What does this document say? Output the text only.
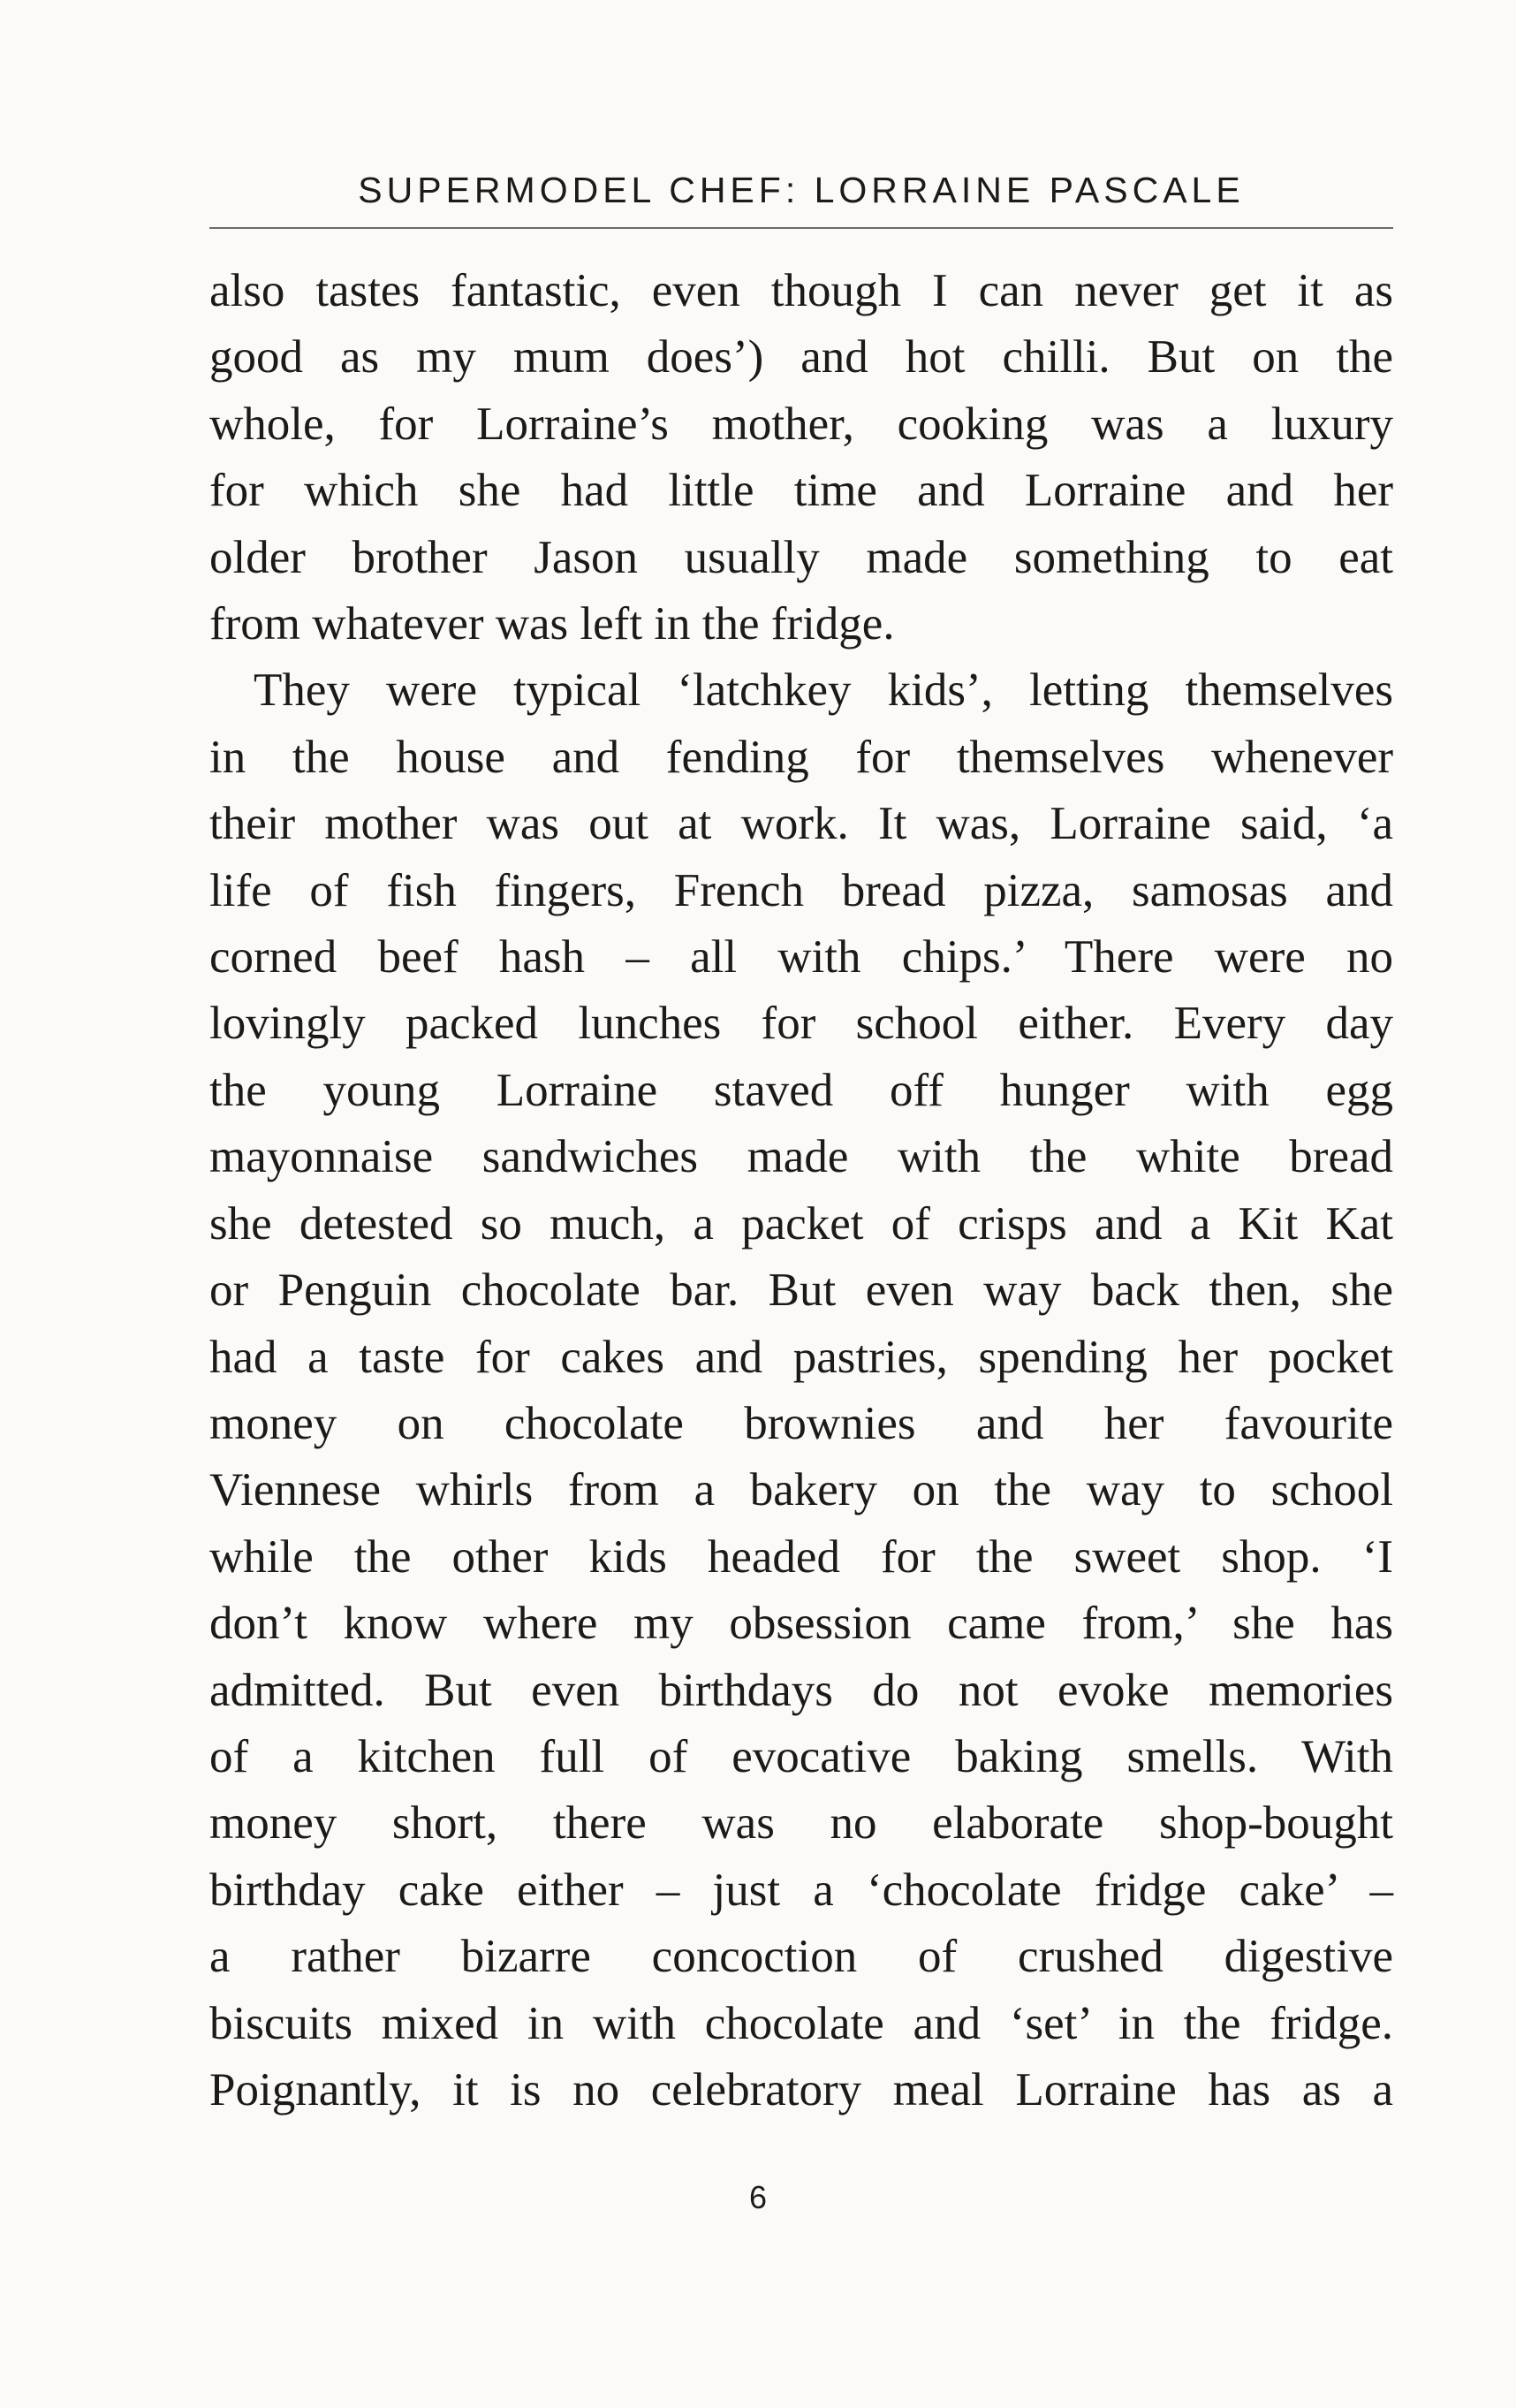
SUPERMODEL CHEF: LORRAINE PASCALE
also tastes fantastic, even though I can never get it as
good as my mum does’) and hot chilli. But on the
whole, for Lorraine’s mother, cooking was a luxury
for which she had little time and Lorraine and her
older brother Jason usually made something to eat
from whatever was left in the fridge.
They were typical ‘latchkey kids’, letting themselves
in the house and fending for themselves whenever
their mother was out at work. It was, Lorraine said, ‘a
life of fish fingers, French bread pizza, samosas and
corned beef hash – all with chips.’ There were no
lovingly packed lunches for school either. Every day
the young Lorraine staved off hunger with egg
mayonnaise sandwiches made with the white bread
she detested so much, a packet of crisps and a Kit Kat
or Penguin chocolate bar. But even way back then, she
had a taste for cakes and pastries, spending her pocket
money on chocolate brownies and her favourite
Viennese whirls from a bakery on the way to school
while the other kids headed for the sweet shop. ‘I
don’t know where my obsession came from,’ she has
admitted. But even birthdays do not evoke memories
of a kitchen full of evocative baking smells. With
money short, there was no elaborate shop-bought
birthday cake either – just a ‘chocolate fridge cake’ –
a rather bizarre concoction of crushed digestive
biscuits mixed in with chocolate and ‘set’ in the fridge.
Poignantly, it is no celebratory meal Lorraine has as a
6
